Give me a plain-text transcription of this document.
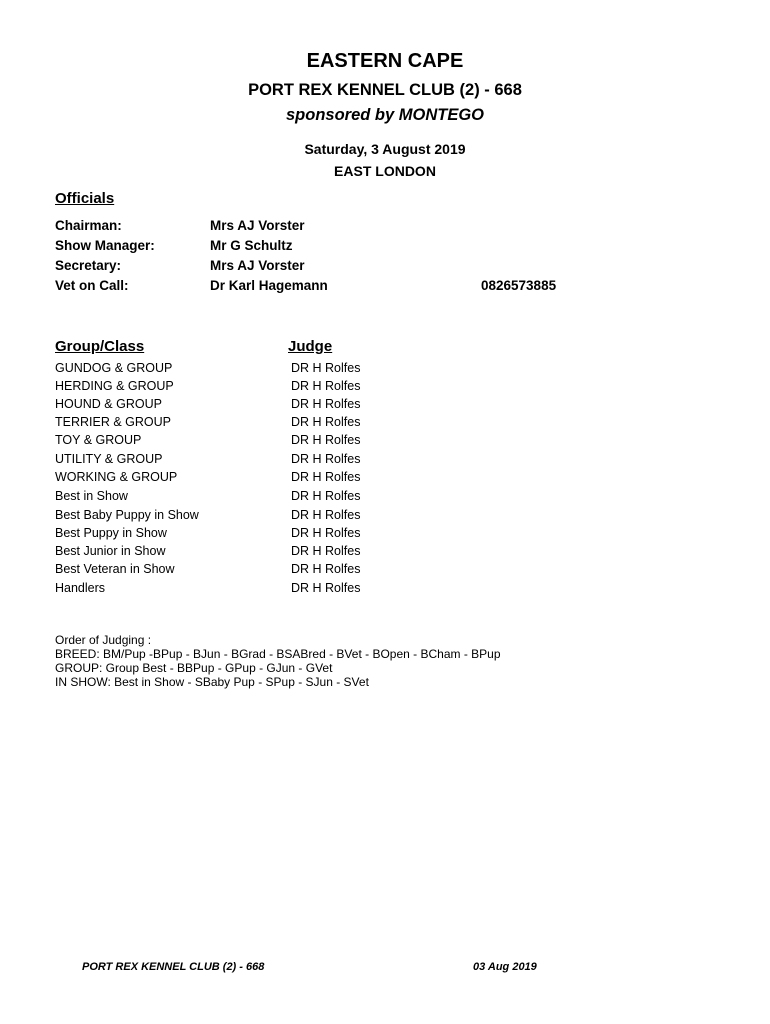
EASTERN CAPE
PORT REX KENNEL CLUB (2) - 668
sponsored by MONTEGO
Saturday, 3 August 2019
EAST LONDON
Officials
Chairman:	Mrs AJ Vorster
Show Manager:	Mr G Schultz
Secretary:	Mrs AJ Vorster
Vet on Call:	Dr Karl Hagemann	0826573885
Group/Class	Judge
GUNDOG & GROUP	DR H Rolfes
HERDING & GROUP	DR H Rolfes
HOUND & GROUP	DR H Rolfes
TERRIER & GROUP	DR H Rolfes
TOY & GROUP	DR H Rolfes
UTILITY & GROUP	DR H Rolfes
WORKING & GROUP	DR H Rolfes
Best in Show	DR H Rolfes
Best Baby Puppy in Show	DR H Rolfes
Best Puppy in Show	DR H Rolfes
Best Junior in Show	DR H Rolfes
Best Veteran in Show	DR H Rolfes
Handlers	DR H Rolfes
Order of Judging :
BREED: BM/Pup -BPup - BJun - BGrad - BSABred - BVet - BOpen - BCham - BPup
GROUP: Group Best - BBPup - GPup - GJun - GVet
IN SHOW: Best in Show - SBaby Pup - SPup - SJun - SVet
PORT REX KENNEL CLUB (2) - 668	03 Aug 2019
